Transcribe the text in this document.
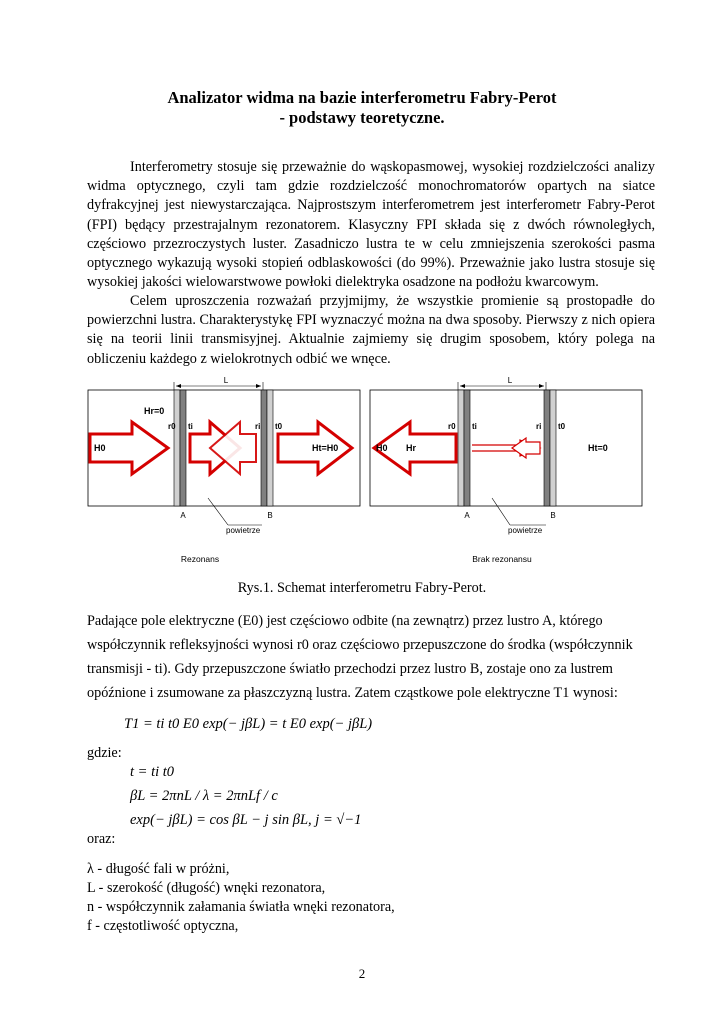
Analizator widma na bazie interferometru Fabry-Perot
- podstawy teoretyczne.
Interferometry stosuje się przeważnie do wąskopasmowej, wysokiej rozdzielczości analizy widma optycznego, czyli tam gdzie rozdzielczość monochromatorów opartych na siatce dyfrakcyjnej jest niewystarczająca. Najprostszym interferometrem jest interferometr Fabry-Perot (FPI) będący przestrajalnym rezonatorem. Klasyczny FPI składa się z dwóch równoległych, częściowo przezroczystych luster. Zasadniczo lustra te w celu zmniejszenia szerokości pasma optycznego wykazują wysoki stopień odblaskowości (do 99%). Przeważnie jako lustra stosuje się wysokiej jakości wielowarstwowe powłoki dielektryka osadzone na podłożu kwarcowym.
Celem uproszczenia rozważań przyjmijmy, że wszystkie promienie są prostopadłe do powierzchni lustra. Charakterystykę FPI wyznaczyć można na dwa sposoby. Pierwszy z nich opiera się na teorii linii transmisyjnej. Aktualnie zajmiemy się drugim sposobem, który polega na obliczeniu każdego z wielokrotnych odbić we wnęce.
L
Hr=0
r0 ti	ri t0
H0	Ht=H0
A	B
powietrze
Rezonans
L
H0 Hr
r0 ti	ri t0
Ht=0
A	B
powietrze
Brak rezonansu
Rys.1. Schemat interferometru Fabry-Perot.
Padające pole elektryczne (E0) jest częściowo odbite (na zewnątrz) przez lustro A, którego
współczynnik refleksyjności wynosi r0 oraz częściowo przepuszczone do środka (współczynnik
transmisji - ti). Gdy przepuszczone światło przechodzi przez lustro B, zostaje ono za lustrem
opóźnione i zsumowane za płaszczyzną lustra. Zatem cząstkowe pole elektryczne T1 wynosi:
T1 = ti t0 E0 exp(− jβL) = t E0 exp(− jβL)
gdzie:
t = ti t0
βL = 2πnL / λ = 2πnLf / c
exp(− jβL) = cos βL − j sin βL, j = √−1
oraz:
λ - długość fali w próżni,
L - szerokość (długość) wnęki rezonatora,
n - współczynnik załamania światła wnęki rezonatora,
f - częstotliwość optyczna,
2
